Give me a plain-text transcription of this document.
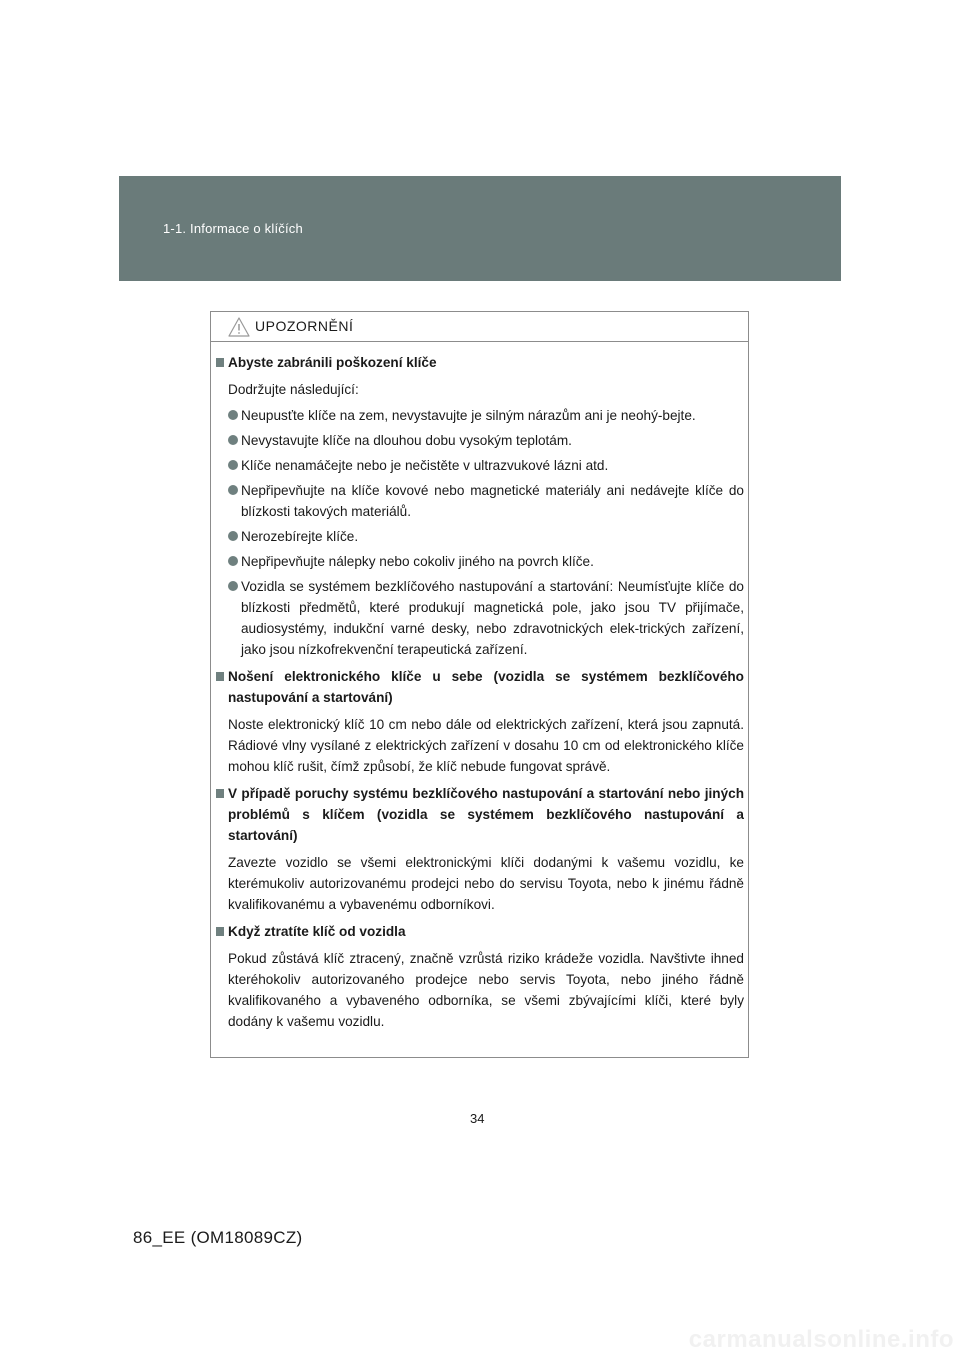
1-1. Informace o klíčích
UPOZORNĚNÍ
Abyste zabránili poškození klíče
Dodržujte následující:
Neupusťte klíče na zem, nevystavujte je silným nárazům ani je neohý-bejte.
Nevystavujte klíče na dlouhou dobu vysokým teplotám.
Klíče nenamáčejte nebo je nečistěte v ultrazvukové lázni atd.
Nepřipevňujte na klíče kovové nebo magnetické materiály ani nedávejte klíče do blízkosti takových materiálů.
Nerozebírejte klíče.
Nepřipevňujte nálepky nebo cokoliv jiného na povrch klíče.
Vozidla se systémem bezklíčového nastupování a startování: Neumísťujte klíče do blízkosti předmětů, které produkují magnetická pole, jako jsou TV přijímače, audiosystémy, indukční varné desky, nebo zdravotnických elek-trických zařízení, jako jsou nízkofrekvenční terapeutická zařízení.
Nošení elektronického klíče u sebe (vozidla se systémem bezklíčového nastupování a startování)
Noste elektronický klíč 10 cm nebo dále od elektrických zařízení, která jsou zapnutá. Rádiové vlny vysílané z elektrických zařízení v dosahu 10 cm od elektronického klíče mohou klíč rušit, čímž způsobí, že klíč nebude fungovat správě.
V případě poruchy systému bezklíčového nastupování a startování nebo jiných problémů s klíčem (vozidla se systémem bezklíčového nastupování a startování)
Zavezte vozidlo se všemi elektronickými klíči dodanými k vašemu vozidlu, ke kterémukoliv autorizovanému prodejci nebo do servisu Toyota, nebo k jinému řádně kvalifikovanému a vybavenému odborníkovi.
Když ztratíte klíč od vozidla
Pokud zůstává klíč ztracený, značně vzrůstá riziko krádeže vozidla. Navštivte ihned kteréhokoliv autorizovaného prodejce nebo servis Toyota, nebo jiného řádně kvalifikovaného a vybaveného odborníka, se všemi zbývajícími klíči, které byly dodány k vašemu vozidlu.
34
86_EE (OM18089CZ)
carmanualsonline.info
